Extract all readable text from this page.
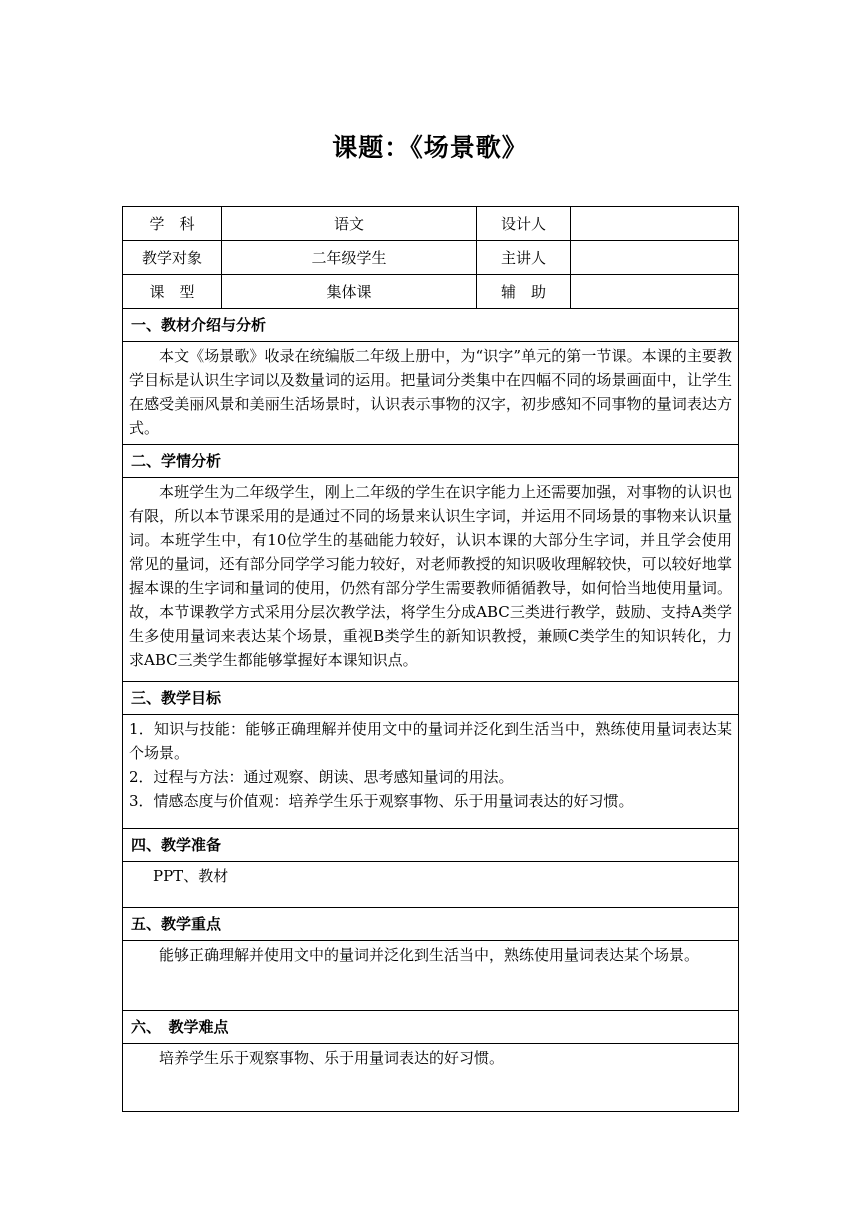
课题：《场景歌》
学　科	语文	设计人	
教学对象	二年级学生	主讲人	
课　型	集体课	辅　助	
一、教材介绍与分析			
本文《场景歌》收录在统编版二年级上册中，为“识字”单元的第一节课。本课的主要教学目标是认识生字词以及数量词的运用。把量词分类集中在四幅不同的场景画面中，让学生在感受美丽风景和美丽生活场景时，认识表示事物的汉字，初步感知不同事物的量词表达方式。			
二、学情分析			
本班学生为二年级学生，刚上二年级的学生在识字能力上还需要加强，对事物的认识也有限，所以本节课采用的是通过不同的场景来认识生字词，并运用不同场景的事物来认识量词。本班学生中，有10位学生的基础能力较好，认识本课的大部分生字词，并且学会使用常见的量词，还有部分同学学习能力较好，对老师教授的知识吸收理解较快，可以较好地掌握本课的生字词和量词的使用，仍然有部分学生需要教师循循教导，如何恰当地使用量词。故，本节课教学方式采用分层次教学法，将学生分成ABC三类进行教学，鼓励、支持A类学生多使用量词来表达某个场景，重视B类学生的新知识教授，兼顾C类学生的知识转化，力求ABC三类学生都能够掌握好本课知识点。			
三、教学目标			

1．知识与技能：能够正确理解并使用文中的量词并泛化到生活当中，熟练使用量词表达某个场景。
2．过程与方法：通过观察、朗读、思考感知量词的用法。
3．情感态度与价值观：培养学生乐于观察事物、乐于用量词表达的好习惯。			

四、教学准备			
PPT、教材			
五、教学重点			
能够正确理解并使用文中的量词并泛化到生活当中，熟练使用量词表达某个场景。			
六、　教学难点			
培养学生乐于观察事物、乐于用量词表达的好习惯。			
